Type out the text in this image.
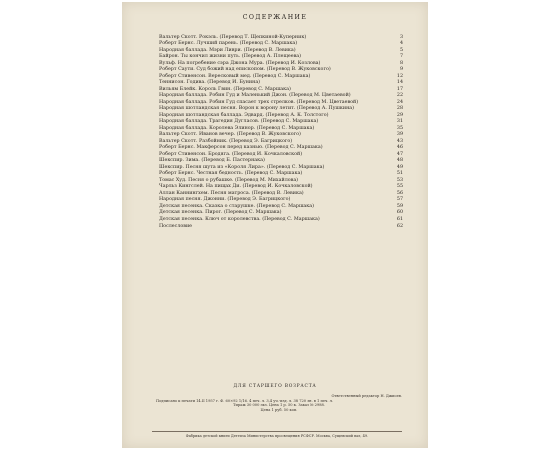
СОДЕРЖАНИЕ
Вальтер Скотт. Рокэль. (Перевод Т. Щепкиной-Куперник)	3
Роберт Бернс. Лучший парень. (Перевод С. Маршака)	4
Народная баллада. Мэри Ливри. (Перевод В. Левика)	5
Байрон. Ты кончил жизни путь. (Перевод А. Плещеева)	7
Вульф. На погребение сэра Джона Мура. (Перевод И. Козлова)	8
Роберт Саути. Суд божий над епископом. (Перевод В. Жуковского)	9
Роберт Стивенсон. Вересковый мед. (Перевод С. Маршака)	12
Теннисон. Годива. (Перевод И. Бунина)	14
Вильям Блейк. Король Гвин. (Перевод С. Маршака)	17
Народная баллада. Робин Гуд и Маленький Джон. (Перевод М. Цветаевой)	22
Народная баллада. Робин Гуд спасает трех стрелков. (Перевод М. Цветаевой)	24
Народная шотландская песня. Ворон к ворону летит. (Перевод А. Пушкина)	28
Народная шотландская баллада. Эдвард. (Перевод А. К. Толстого)	29
Народная баллада. Трагедия Дугласов. (Перевод С. Маршака)	31
Народная баллада. Королева Элинор. (Перевод С. Маршака)	35
Вальтер Скотт. Иванов вечер. (Перевод В. Жуковского)	39
Вальтер Скотт. Разбойник. (Перевод Э. Багрицкого)	43
Роберт Бернс. Макферсон перед казнью. (Перевод С. Маршака)	46
Роберт Стивенсон. Бродяга. (Перевод И. Кочкаловской)	47
Шекспир. Зима. (Перевод Б. Пастернака)	48
Шекспир. Песня шута из «Короля Лира». (Перевод С. Маршака)	49
Роберт Бернс. Честная бедность. (Перевод С. Маршака)	51
Томас Худ. Песня о рубашке. (Перевод М. Михайлова)	53
Чарльз Кингслей. На пищах Ди. (Перевод И. Кочкаловской)	55
Аллан Каннингхем. Песня матроса. (Перевод В. Левика)	56
Народная песня. Джонни. (Перевод Э. Багрицкого)	57
Детская песенка. Сказка о старушке. (Перевод С. Маршака)	59
Детская песенка. Пирог. (Перевод С. Маршака)	60
Детская песенка. Ключ от королевства. (Перевод С. Маршака)	61
Послесловие	62
ДЛЯ СТАРШЕГО ВОЗРАСТА
Ответственный редактор Н. Джиоев.
Подписано к печати 14.II 1957 г. Ф. 60×92 1/16. 4 печ. л. 3,4 уч.-изд. л. 38 720 зн. в 1 печ. л.
Тираж 30 000 экз. Цена 1 р. 50 к. Заказ № 2988.
Цена 1 руб. 50 коп.
Фабрика детской книги Детгиза Министерства просвещения РСФСР. Москва, Сущевский вал, 49.
